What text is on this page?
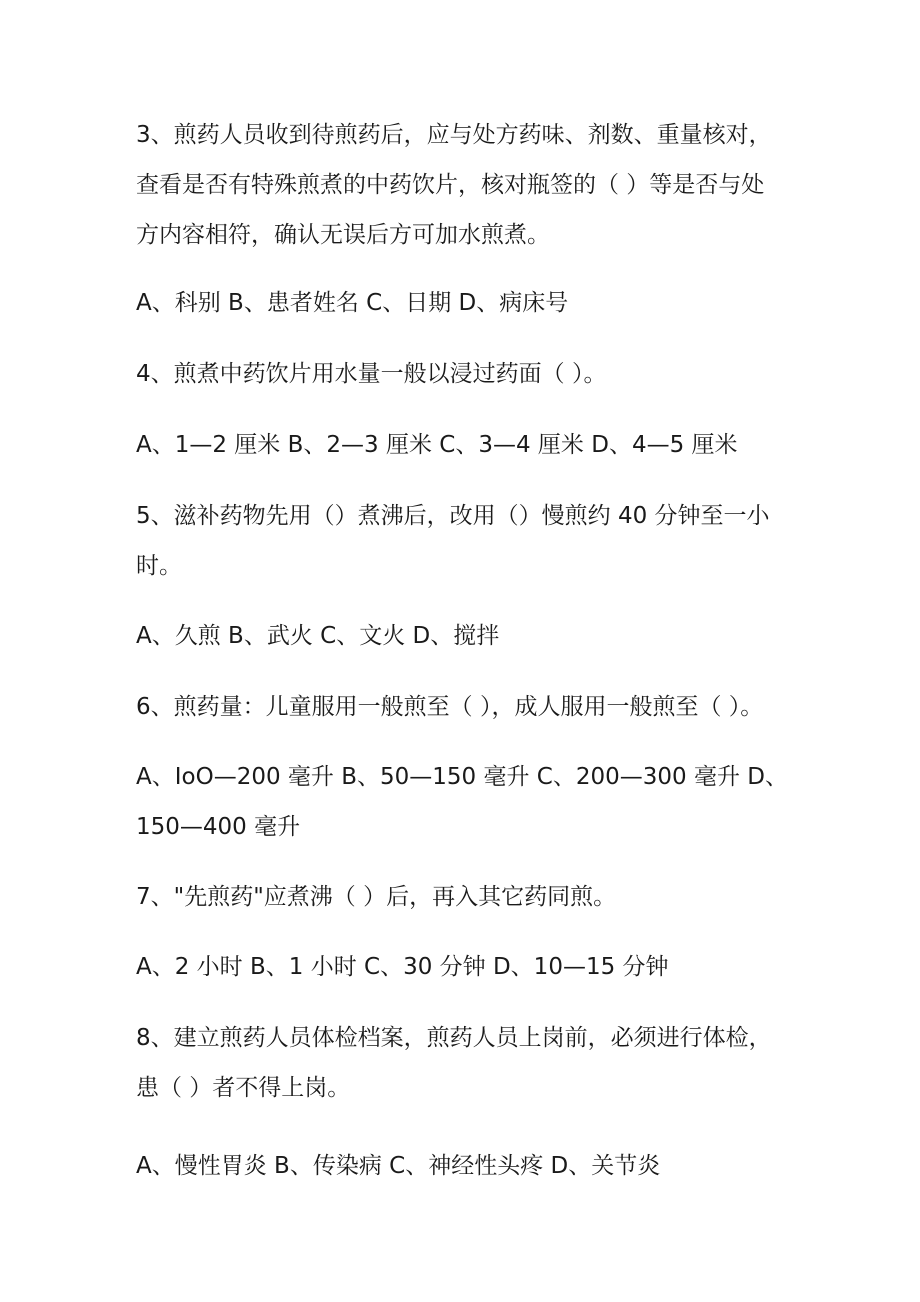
3、煎药人员收到待煎药后，应与处方药味、剂数、重量核对，
查看是否有特殊煎煮的中药饮片，核对瓶签的（ ）等是否与处
方内容相符，确认无误后方可加水煎煮。

A、科别 B、患者姓名 C、日期 D、病床号

4、煎煮中药饮片用水量一般以浸过药面（ ）。

A、1—2 厘米 B、2—3 厘米 C、3—4 厘米 D、4—5 厘米

5、滋补药物先用（）煮沸后，改用（）慢煎约 40 分钟至一小
时。

A、久煎 B、武火 C、文火 D、搅拌

6、煎药量：儿童服用一般煎至（ ），成人服用一般煎至（ ）。

A、IoO—200 毫升 B、50—150 毫升 C、200—300 毫升 D、
150—400 毫升

7、"先煎药"应煮沸（ ）后，再入其它药同煎。

A、2 小时 B、1 小时 C、30 分钟 D、10—15 分钟

8、建立煎药人员体检档案，煎药人员上岗前，必须进行体检，
患（ ）者不得上岗。

A、慢性胃炎 B、传染病 C、神经性头疼 D、关节炎
